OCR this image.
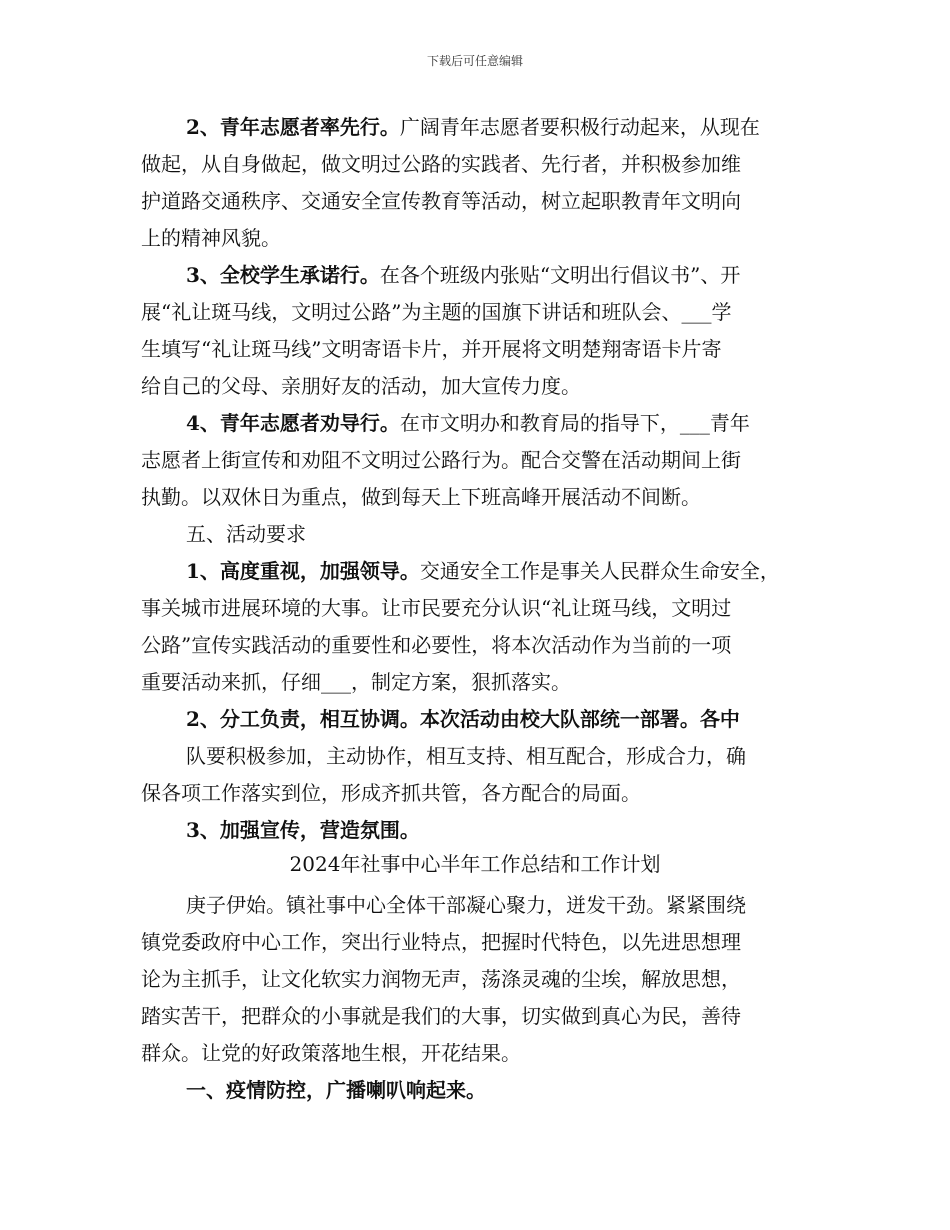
下载后可任意编辑
2、青年志愿者率先行。广阔青年志愿者要积极行动起来，从现在
做起，从自身做起，做文明过公路的实践者、先行者，并积极参加维
护道路交通秩序、交通安全宣传教育等活动，树立起职教青年文明向
上的精神风貌。
3、全校学生承诺行。在各个班级内张贴“文明出行倡议书”、开
展“礼让斑马线，文明过公路”为主题的国旗下讲话和班队会、___学
生填写“礼让斑马线”文明寄语卡片，并开展将文明楚翔寄语卡片寄
给自己的父母、亲朋好友的活动，加大宣传力度。
4、青年志愿者劝导行。在市文明办和教育局的指导下，___青年
志愿者上街宣传和劝阻不文明过公路行为。配合交警在活动期间上街
执勤。以双休日为重点，做到每天上下班高峰开展活动不间断。
五、活动要求
1、高度重视，加强领导。交通安全工作是事关人民群众生命安全，
事关城市进展环境的大事。让市民要充分认识“礼让斑马线，文明过
公路”宣传实践活动的重要性和必要性，将本次活动作为当前的一项
重要活动来抓，仔细___，制定方案，狠抓落实。
2、分工负责，相互协调。本次活动由校大队部统一部署。各中
队要积极参加，主动协作，相互支持、相互配合，形成合力，确
保各项工作落实到位，形成齐抓共管，各方配合的局面。
3、加强宣传，营造氛围。
2024年社事中心半年工作总结和工作计划
庚子伊始。镇社事中心全体干部凝心聚力，迸发干劲。紧紧围绕
镇党委政府中心工作，突出行业特点，把握时代特色，以先进思想理
论为主抓手，让文化软实力润物无声，荡涤灵魂的尘埃，解放思想，
踏实苦干，把群众的小事就是我们的大事，切实做到真心为民，善待
群众。让党的好政策落地生根，开花结果。
一、疫情防控，广播喇叭响起来。
